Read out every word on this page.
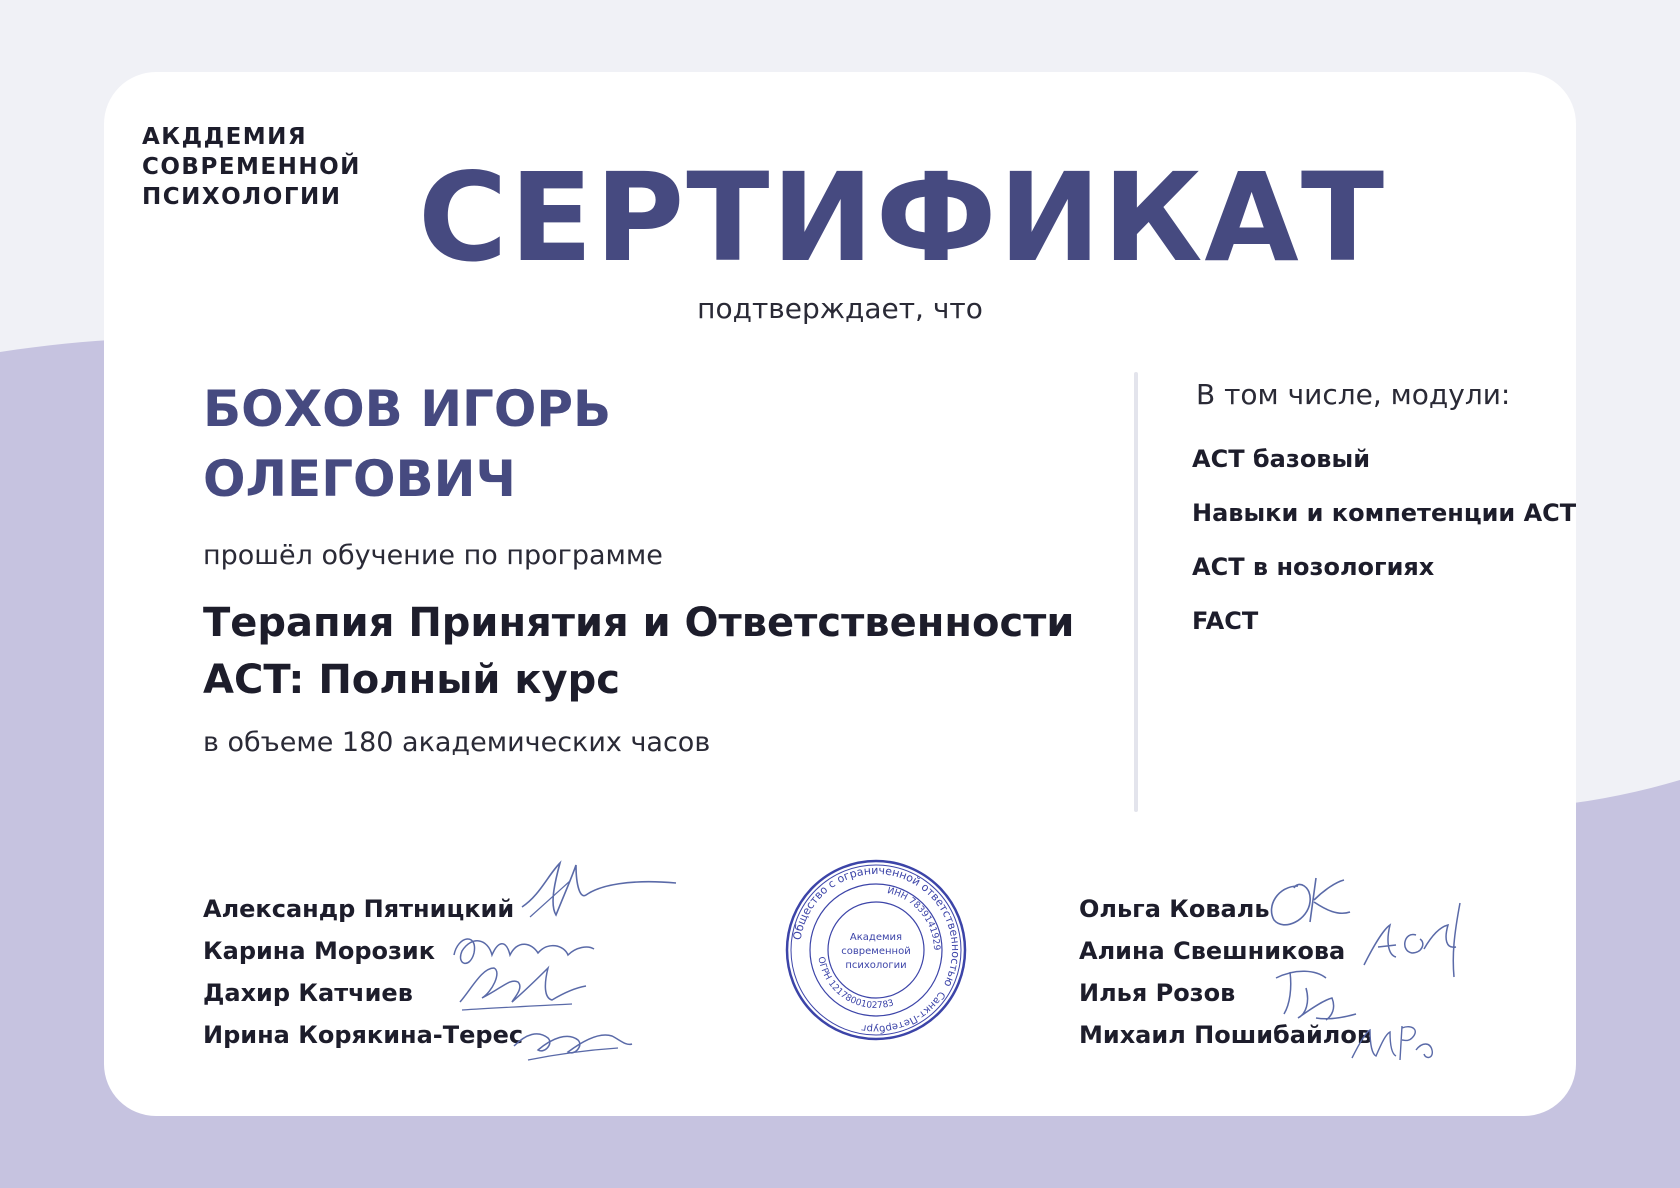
АКДДЕМИЯ
СОВРЕМЕННОЙ
ПСИХОЛОГИИ СЕРТИФИКАТ
подтверждает, что
БОХОВ ИГОРЬ
ОЛЕГОВИЧ
прошёл обучение по программе
Терапия Принятия и Ответственности
ACT: Полный курс
в объеме 180 академических часов
В том числе, модули:
ACT базовый
Навыки и компетенции ACT
ACT в нозологиях
FACT
Александр Пятницкий
Карина Морозик
Дахир Катчиев
Ирина Корякина-Терес
Ольга Коваль
Алина Свешникова
Илья Розов
Михаил Пошибайлов
Общество с ограниченной ответственностью
ИНН 7839141929
ОГРН 1217800102783
Санкт-Петербург
Академия
современной
психологии
